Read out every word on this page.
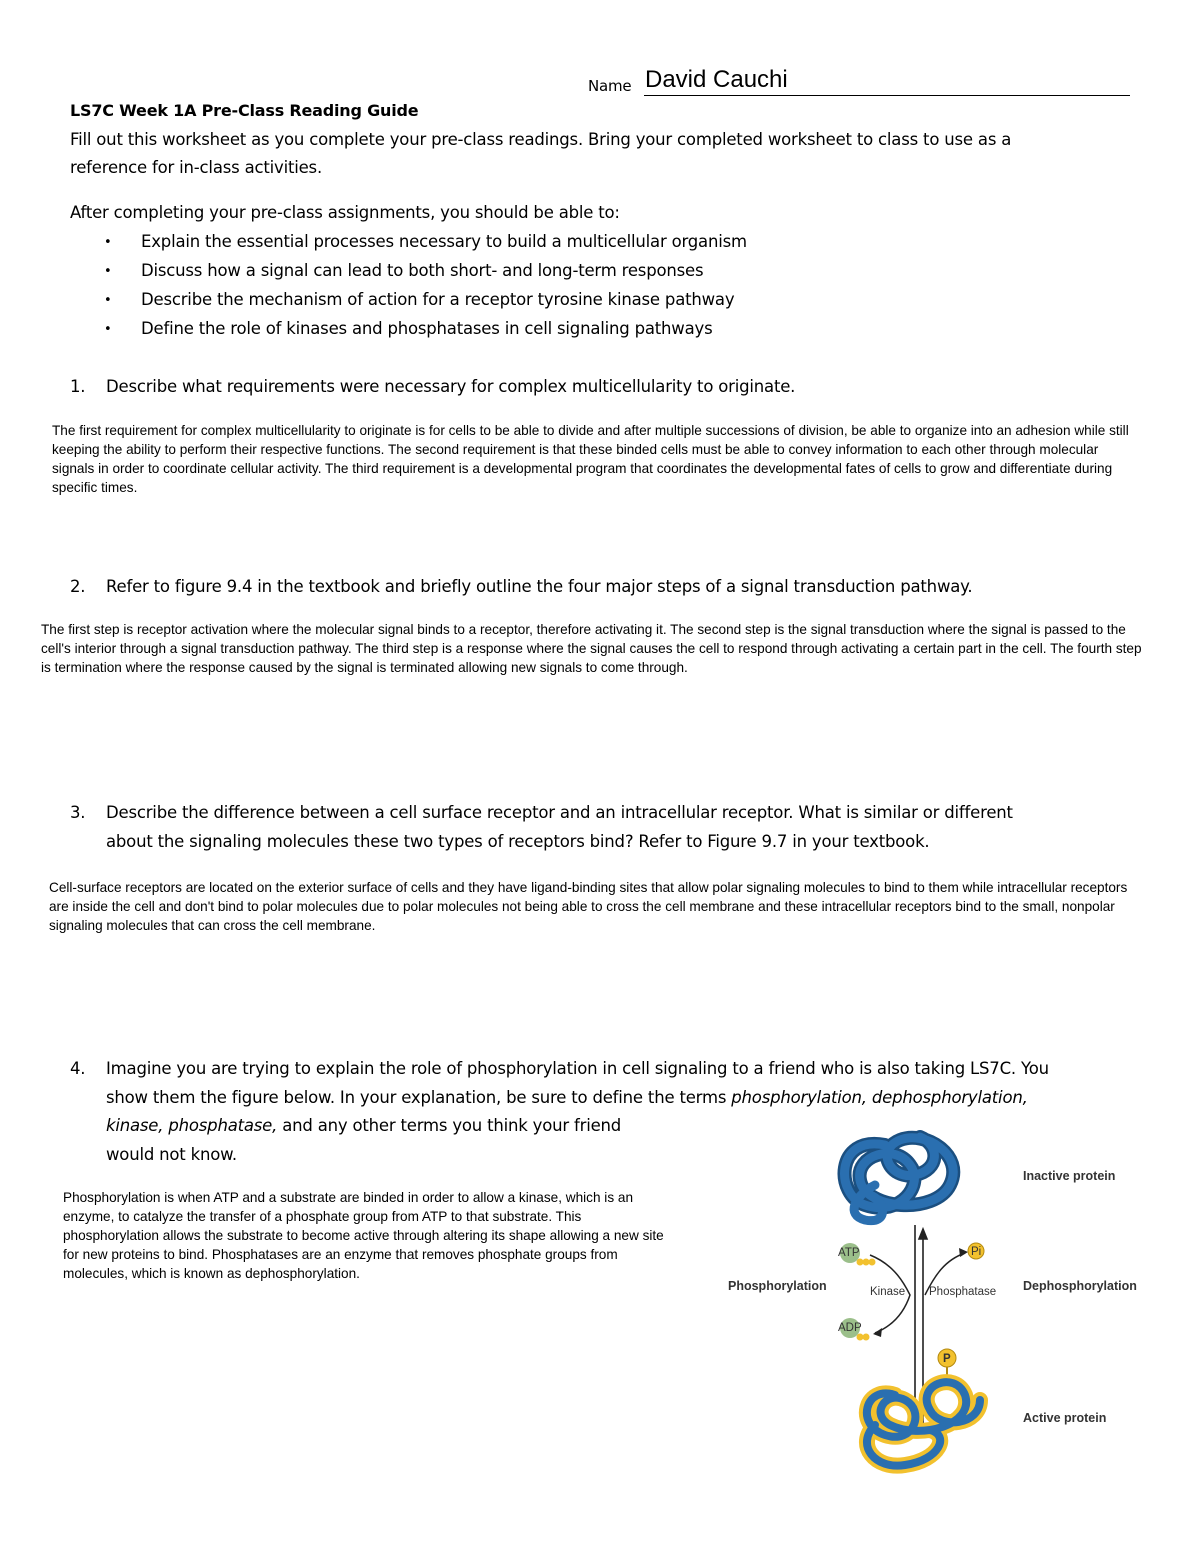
Name David Cauchi
LS7C Week 1A Pre-Class Reading Guide
Fill out this worksheet as you complete your pre-class readings. Bring your completed worksheet to class to use as a
reference for in-class activities.
After completing your pre-class assignments, you should be able to:
• Explain the essential processes necessary to build a multicellular organism
• Discuss how a signal can lead to both short- and long-term responses
• Describe the mechanism of action for a receptor tyrosine kinase pathway
• Define the role of kinases and phosphatases in cell signaling pathways
1. Describe what requirements were necessary for complex multicellularity to originate.

The first requirement for complex multicellularity to originate is for cells to be able to divide and after multiple successions of division, be able to organize into an adhesion while still keeping the ability to perform their respective functions. The second requirement is that these binded cells must be able to convey information to each other through molecular signals in order to coordinate cellular activity. The third requirement is a developmental program that coordinates the developmental fates of cells to grow and differentiate during specific times.

2. Refer to figure 9.4 in the textbook and briefly outline the four major steps of a signal transduction pathway.

The first step is receptor activation where the molecular signal binds to a receptor, therefore activating it. The second step is the signal transduction where the signal is passed to the cell's interior through a signal transduction pathway. The third step is a response where the signal causes the cell to respond through activating a certain part in the cell. The fourth step is termination where the response caused by the signal is terminated allowing new signals to come through.

3. Describe the difference between a cell surface receptor and an intracellular receptor. What is similar or different
about the signaling molecules these two types of receptors bind? Refer to Figure 9.7 in your textbook.

Cell-surface receptors are located on the exterior surface of cells and they have ligand-binding sites that allow polar signaling molecules to bind to them while intracellular receptors are inside the cell and don't bind to polar molecules due to polar molecules not being able to cross the cell membrane and these intracellular receptors bind to the small, nonpolar signaling molecules that can cross the cell membrane.

4. Imagine you are trying to explain the role of phosphorylation in cell signaling to a friend who is also taking LS7C. You
show them the figure below. In your explanation, be sure to define the terms phosphorylation, dephosphorylation,
kinase, phosphatase, and any other terms you think your friend
would not know.

Phosphorylation is when ATP and a substrate are binded in order to allow a kinase, which is an enzyme, to catalyze the transfer of a phosphate group from ATP to that substrate. This phosphorylation allows the substrate to become active through altering its shape allowing a new site for new proteins to bind. Phosphatases are an enzyme that removes phosphate groups from molecules, which is known as dephosphorylation.

Inactive protein
ATP
ADP
Pi
Phosphorylation	Kinase Phosphatase Dephosphorylation
P
Active protein
